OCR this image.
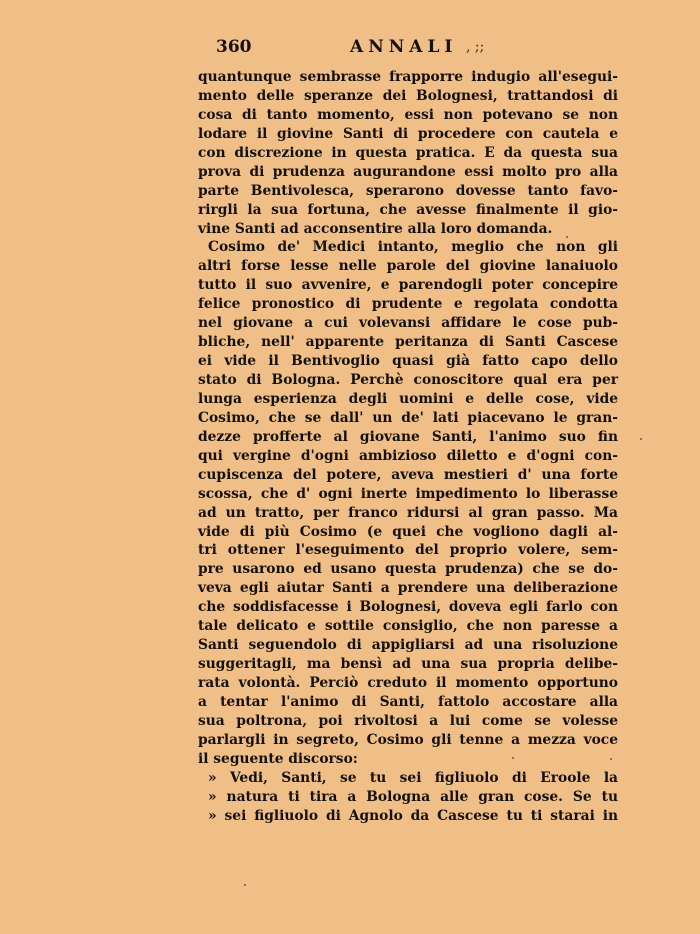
360	ANNALI , ;;
quantunque sembrasse frapporre indugio all'esegui-
mento delle speranze dei Bolognesi, trattandosi di
cosa di tanto momento, essi non potevano se non
lodare il giovine Santi di procedere con cautela e
con discrezione in questa pratica. E da questa sua
prova di prudenza augurandone essi molto pro alla
parte Bentivolesca, sperarono dovesse tanto favo-
rirgli la sua fortuna, che avesse finalmente il gio-
vine Santi ad acconsentire alla loro domanda.
Cosimo de' Medici intanto, meglio che non gli
altri forse lesse nelle parole del giovine lanaiuolo
tutto il suo avvenire, e parendogli poter concepire
felice pronostico di prudente e regolata condotta
nel giovane a cui volevansi affidare le cose pub-
bliche, nell' apparente peritanza di Santi Cascese
ei vide il Bentivoglio quasi già fatto capo dello
stato di Bologna. Perchè conoscitore qual era per
lunga esperienza degli uomini e delle cose, vide
Cosimo, che se dall' un de' lati piacevano le gran-
dezze profferte al giovane Santi, l'animo suo fin
qui vergine d'ogni ambizioso diletto e d'ogni con-
cupiscenza del potere, aveva mestieri d' una forte
scossa, che d' ogni inerte impedimento lo liberasse
ad un tratto, per franco ridursi al gran passo. Ma
vide di più Cosimo (e quei che vogliono dagli al-
tri ottener l'eseguimento del proprio volere, sem-
pre usarono ed usano questa prudenza) che se do-
veva egli aiutar Santi a prendere una deliberazione
che soddisfacesse i Bolognesi, doveva egli farlo con
tale delicato e sottile consiglio, che non paresse a
Santi seguendolo di appigliarsi ad una risoluzione
suggeritagli, ma bensì ad una sua propria delibe-
rata volontà. Perciò creduto il momento opportuno
a tentar l'animo di Santi, fattolo accostare alla
sua poltrona, poi rivoltosi a lui come se volesse
parlargli in segreto, Cosimo gli tenne a mezza voce
il seguente discorso:
» Vedi, Santi, se tu sei figliuolo di Eroole la
» natura ti tira a Bologna alle gran cose. Se tu
» sei figliuolo di Agnolo da Cascese tu ti starai in
